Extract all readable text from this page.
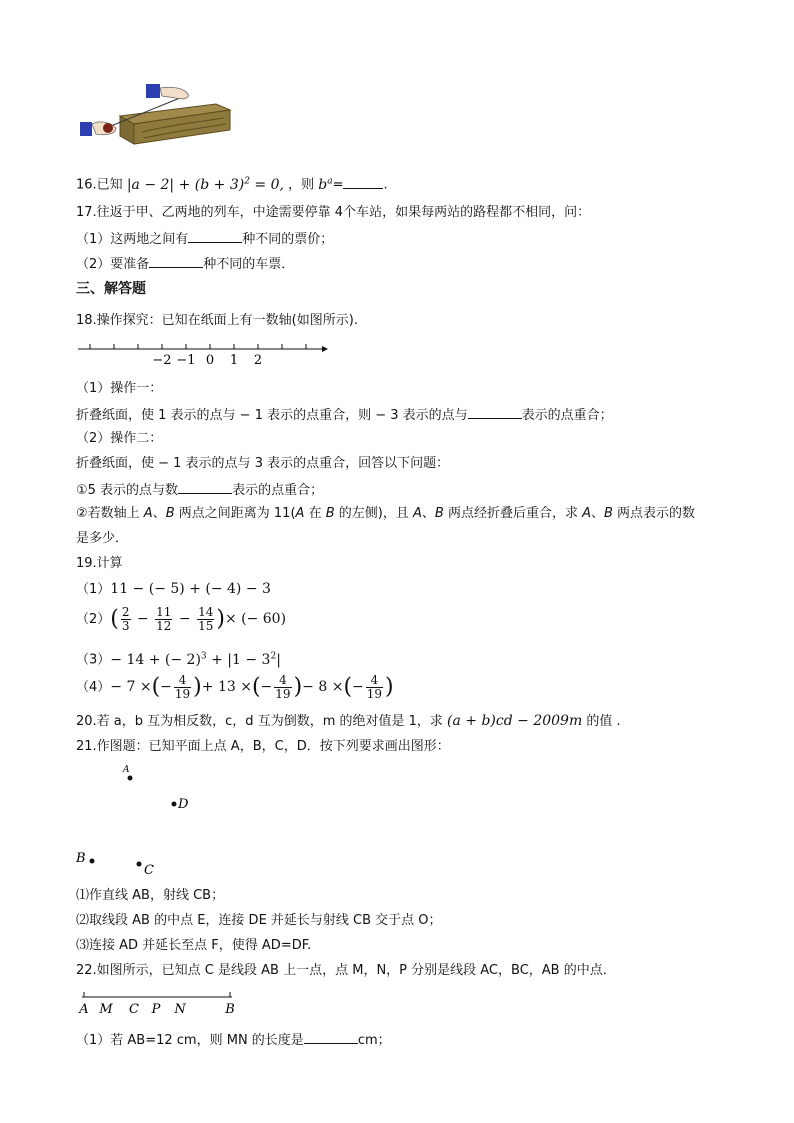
16.已知 $|a - 2| + (b + 3)^2 = 0$, ，则 $b^a=$	.
17.往返于甲、乙两地的列车，中途需要停靠 4个车站，如果每两站的路程都不相同，问：
（1）这两地之间有	种不同的票价；
（2）要准备	种不同的车票．
三、解答题
18.操作探究：已知在纸面上有一数轴(如图所示).
−2 −1 0 1 2
（1）操作一：
折叠纸面，使 1 表示的点与 − 1 表示的点重合，则 − 3 表示的点与	表示的点重合；
（2）操作二：
折叠纸面，使 − 1 表示的点与 3 表示的点重合，回答以下问题：
①5 表示的点与数	表示的点重合；
②若数轴上 A、B 两点之间距离为 11(A 在 B 的左侧)，且 A、B 两点经折叠后重合，求 A、B 两点表示的数
是多少．
19.计算
（1）11 − (− 5) + (− 4) − 3
$(2)( \frac{2}{3} - \frac{11}{12} - \frac{14}{15}$ )× (− 60)
（3）− 14 + (− $2)^3 + |1 - 3^2|$
（4）− 7 ×(− $\frac{4}{19}$ )+ 13 ×(− $\frac{4}{19}$ )− 8 ×(− $\frac{4}{19}$ )
20.若 a，b 互为相反数，c，d 互为倒数，m 的绝对值是 1，求 (a + b)cd − 2009m 的值 .
21.作图题：已知平面上点 A，B，C，D．按下列要求画出图形：
A
D
B
C
⑴作直线 AB，射线 CB；
⑵取线段 AB 的中点 E，连接 DE 并延长与射线 CB 交于点 O；
⑶连接 AD 并延长至点 F，使得 AD=DF.
22.如图所示，已知点 C 是线段 AB 上一点，点 M，N，P 分别是线段 AC，BC，AB 的中点．
A M C P N	B
（1）若 AB=12 cm，则 MN 的长度是	cm；
